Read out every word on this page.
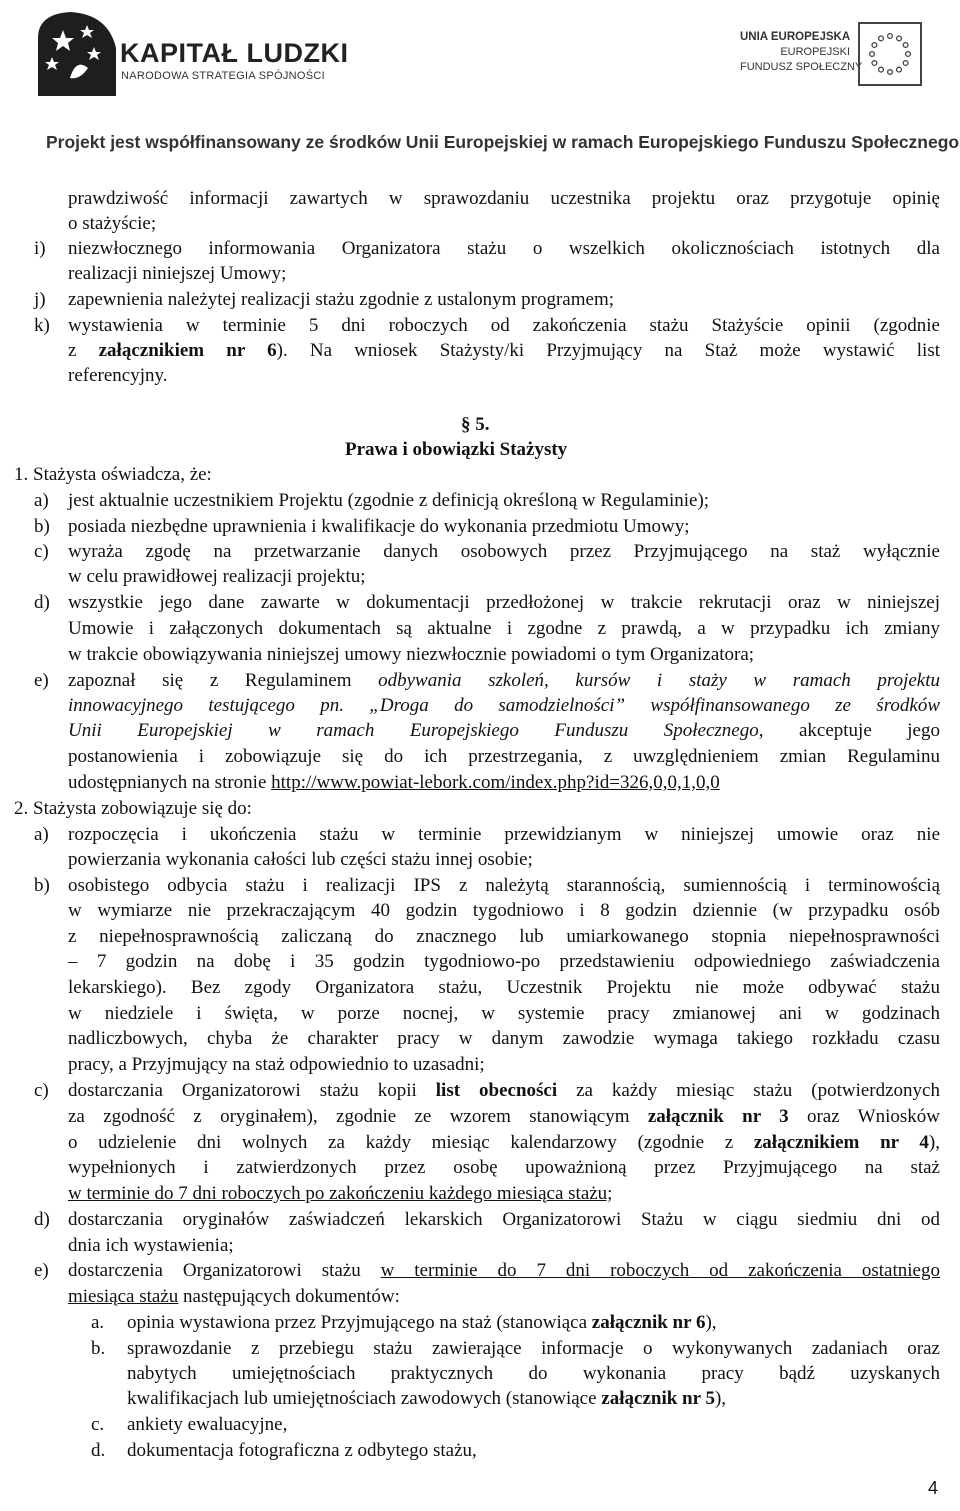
KAPITAŁ LUDZKI
NARODOWA STRATEGIA SPÓJNOŚCI
UNIA EUROPEJSKA
EUROPEJSKI
FUNDUSZ SPOŁECZNY
Projekt jest współfinansowany ze środków Unii Europejskiej w ramach Europejskiego Funduszu Społecznego
prawdziwość informacji zawartych w sprawozdaniu uczestnika projektu oraz przygotuje opinię
o stażyście;
i) niezwłocznego informowania Organizatora stażu o wszelkich okolicznościach istotnych dla
realizacji niniejszej Umowy;
j) zapewnienia należytej realizacji stażu zgodnie z ustalonym programem;
k) wystawienia w terminie 5 dni roboczych od zakończenia stażu Stażyście opinii (zgodnie
z załącznikiem nr 6). Na wniosek Stażysty/ki Przyjmujący na Staż może wystawić list
referencyjny.
§ 5.
Prawa i obowiązki Stażysty
1. Stażysta oświadcza, że:
a) jest aktualnie uczestnikiem Projektu (zgodnie z definicją określoną w Regulaminie);
b) posiada niezbędne uprawnienia i kwalifikacje do wykonania przedmiotu Umowy;
c) wyraża zgodę na przetwarzanie danych osobowych przez Przyjmującego na staż wyłącznie
w celu prawidłowej realizacji projektu;
d) wszystkie jego dane zawarte w dokumentacji przedłożonej w trakcie rekrutacji oraz w niniejszej
Umowie i załączonych dokumentach są aktualne i zgodne z prawdą, a w przypadku ich zmiany
w trakcie obowiązywania niniejszej umowy niezwłocznie powiadomi o tym Organizatora;
e) zapoznał się z Regulaminem odbywania szkoleń, kursów i staży w ramach projektu
innowacyjnego testującego pn. „Droga do samodzielności” współfinansowanego ze środków
Unii Europejskiej w ramach Europejskiego Funduszu Społecznego, akceptuje jego
postanowienia i zobowiązuje się do ich przestrzegania, z uwzględnieniem zmian Regulaminu
udostępnianych na stronie http://www.powiat-lebork.com/index.php?id=326,0,0,1,0,0
2. Stażysta zobowiązuje się do:
a) rozpoczęcia i ukończenia stażu w terminie przewidzianym w niniejszej umowie oraz nie
powierzania wykonania całości lub części stażu innej osobie;
b) osobistego odbycia stażu i realizacji IPS z należytą starannością, sumiennością i terminowością
w wymiarze nie przekraczającym 40 godzin tygodniowo i 8 godzin dziennie (w przypadku osób
z niepełnosprawnością zaliczaną do znacznego lub umiarkowanego stopnia niepełnosprawności
– 7 godzin na dobę i 35 godzin tygodniowo-po przedstawieniu odpowiedniego zaświadczenia
lekarskiego). Bez zgody Organizatora stażu, Uczestnik Projektu nie może odbywać stażu
w niedziele i święta, w porze nocnej, w systemie pracy zmianowej ani w godzinach
nadliczbowych, chyba że charakter pracy w danym zawodzie wymaga takiego rozkładu czasu
pracy, a Przyjmujący na staż odpowiednio to uzasadni;
c) dostarczania Organizatorowi stażu kopii list obecności za każdy miesiąc stażu (potwierdzonych
za zgodność z oryginałem), zgodnie ze wzorem stanowiącym załącznik nr 3 oraz Wniosków
o udzielenie dni wolnych za każdy miesiąc kalendarzowy (zgodnie z załącznikiem nr 4),
wypełnionych i zatwierdzonych przez osobę upoważnioną przez Przyjmującego na staż
w terminie do 7 dni roboczych po zakończeniu każdego miesiąca stażu;
d) dostarczania oryginałów zaświadczeń lekarskich Organizatorowi Stażu w ciągu siedmiu dni od
dnia ich wystawienia;
e) dostarczenia Organizatorowi stażu w terminie do 7 dni roboczych od zakończenia ostatniego
miesiąca stażu następujących dokumentów:
a. opinia wystawiona przez Przyjmującego na staż (stanowiąca załącznik nr 6),
b. sprawozdanie z przebiegu stażu zawierające informacje o wykonywanych zadaniach oraz
nabytych umiejętnościach praktycznych do wykonania pracy bądź uzyskanych
kwalifikacjach lub umiejętnościach zawodowych (stanowiące załącznik nr 5),
c. ankiety ewaluacyjne,
d. dokumentacja fotograficzna z odbytego stażu,
4
